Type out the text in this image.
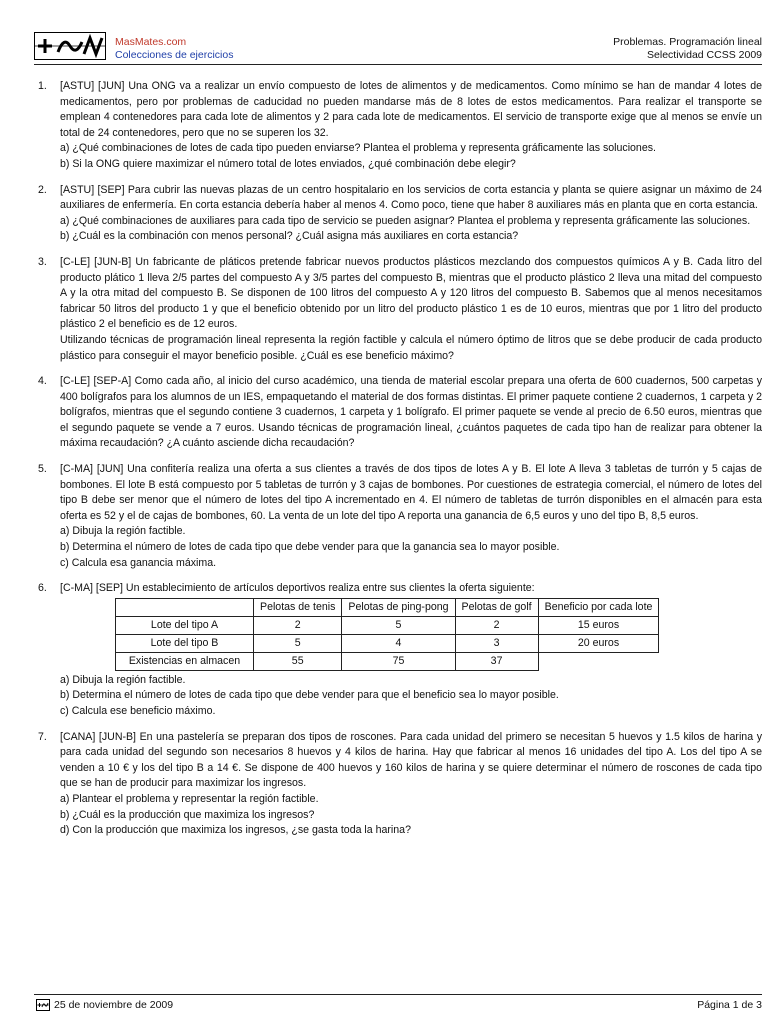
MasMates.com
Colecciones de ejercicios
Problemas. Programación lineal
Selectividad CCSS 2009
1.	[ASTU] [JUN] Una ONG va a realizar un envío compuesto de lotes de alimentos y de medicamentos. Como mínimo se han de mandar 4 lotes de medicamentos, pero por problemas de caducidad no pueden mandarse más de 8 lotes de estos medicamentos. Para realizar el transporte se emplean 4 contenedores para cada lote de alimentos y 2 para cada lote de medicamentos. El servicio de transporte exige que al menos se envíe un total de 24 contenedores, pero que no se superen los 32.
a) ¿Qué combinaciones de lotes de cada tipo pueden enviarse? Plantea el problema y representa gráficamente las soluciones.
b) Si la ONG quiere maximizar el número total de lotes enviados, ¿qué combinación debe elegir?
2.	[ASTU] [SEP] Para cubrir las nuevas plazas de un centro hospitalario en los servicios de corta estancia y planta se quiere asignar un máximo de 24 auxiliares de enfermería. En corta estancia debería haber al menos 4. Como poco, tiene que haber 8 auxiliares más en planta que en corta estancia.
a) ¿Qué combinaciones de auxiliares para cada tipo de servicio se pueden asignar? Plantea el problema y representa gráficamente las soluciones.
b) ¿Cuál es la combinación con menos personal? ¿Cuál asigna más auxiliares en corta estancia?
3.	[C-LE] [JUN-B] Un fabricante de pláticos pretende fabricar nuevos productos plásticos mezclando dos compuestos químicos A y B. Cada litro del producto plático 1 lleva 2/5 partes del compuesto A y 3/5 partes del compuesto B, mientras que el producto plástico 2 lleva una mitad del compuesto A y la otra mitad del compuesto B. Se disponen de 100 litros del compuesto A y 120 litros del compuesto B. Sabemos que al menos necesitamos fabricar 50 litros del producto 1 y que el beneficio obtenido por un litro del producto plástico 1 es de 10 euros, mientras que por 1 litro del producto plástico 2 el beneficio es de 12 euros.
Utilizando técnicas de programación lineal representa la región factible y calcula el número óptimo de litros que se debe producir de cada producto plástico para conseguir el mayor beneficio posible. ¿Cuál es ese beneficio máximo?
4.	[C-LE] [SEP-A] Como cada año, al inicio del curso académico, una tienda de material escolar prepara una oferta de 600 cuadernos, 500 carpetas y 400 bolígrafos para los alumnos de un IES, empaquetando el material de dos formas distintas. El primer paquete contiene 2 cuadernos, 1 carpeta y 2 bolígrafos, mientras que el segundo contiene 3 cuadernos, 1 carpeta y 1 bolígrafo. El primer paquete se vende al precio de 6.50 euros, mientras que el segundo paquete se vende a 7 euros. Usando técnicas de programación lineal, ¿cuántos paquetes de cada tipo han de realizar para obtener la máxima recaudación? ¿A cuánto asciende dicha recaudación?
5.	[C-MA] [JUN] Una confitería realiza una oferta a sus clientes a través de dos tipos de lotes A y B. El lote A lleva 3 tabletas de turrón y 5 cajas de bombones. El lote B está compuesto por 5 tabletas de turrón y 3 cajas de bombones. Por cuestiones de estrategia comercial, el número de lotes del tipo B debe ser menor que el número de lotes del tipo A incrementado en 4. El número de tabletas de turrón disponibles en el almacén para esta oferta es 52 y el de cajas de bombones, 60. La venta de un lote del tipo A reporta una ganancia de 6,5 euros y uno del tipo B, 8,5 euros.
a) Dibuja la región factible.
b) Determina el número de lotes de cada tipo que debe vender para que la ganancia sea lo mayor posible.
c) Calcula esa ganancia máxima.
6.	[C-MA] [SEP] Un establecimiento de artículos deportivos realiza entre sus clientes la oferta siguiente:
	Pelotas de tenis	Pelotas de ping-pong	Pelotas de golf	Beneficio por cada lote
Lote del tipo A	2	5	2	15 euros
Lote del tipo B	5	4	3	20 euros
Existencias en almacen	55	75	37	
a) Dibuja la región factible.
b) Determina el número de lotes de cada tipo que debe vender para que el beneficio sea lo mayor posible.
c) Calcula ese beneficio máximo.
7.	[CANA] [JUN-B] En una pastelería se preparan dos tipos de roscones. Para cada unidad del primero se necesitan 5 huevos y 1.5 kilos de harina y para cada unidad del segundo son necesarios 8 huevos y 4 kilos de harina. Hay que fabricar al menos 16 unidades del tipo A. Los del tipo A se venden a 10 € y los del tipo B a 14 €. Se dispone de 400 huevos y 160 kilos de harina y se quiere determinar el número de roscones de cada tipo que se han de producir para maximizar los ingresos.
a) Plantear el problema y representar la región factible.
b) ¿Cuál es la producción que maximiza los ingresos?
d) Con la producción que maximiza los ingresos, ¿se gasta toda la harina?
25 de noviembre de 2009	Página 1 de 3
